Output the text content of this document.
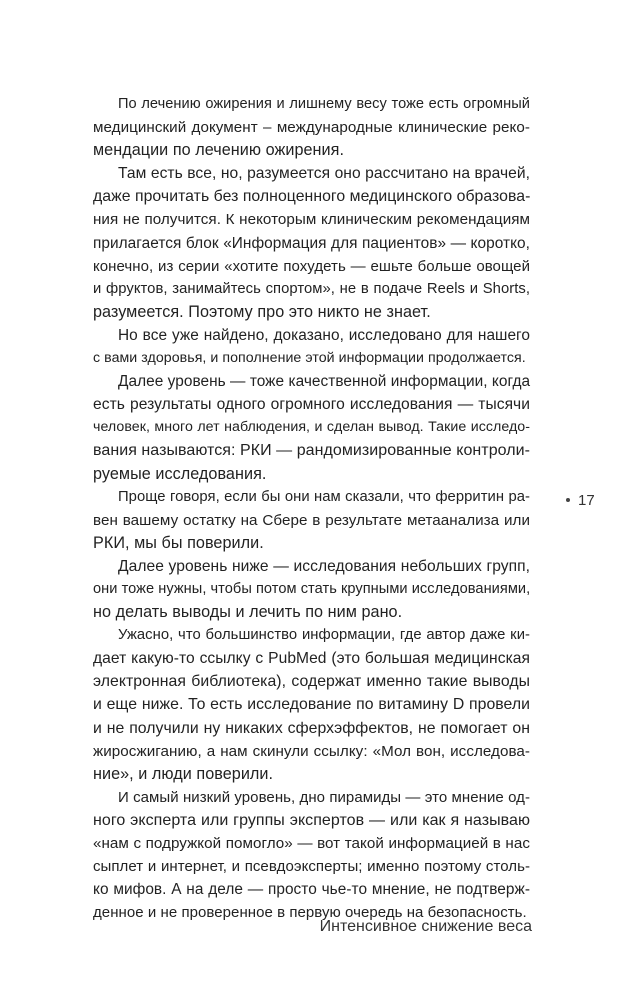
По лечению ожирения и лишнему весу тоже есть огромный
медицинский документ – международные клинические реко-
мендации по лечению ожирения.
Там есть все, но, разумеется оно рассчитано на врачей,
даже прочитать без полноценного медицинского образова-
ния не получится. К некоторым клиническим рекомендациям
прилагается блок «Информация для пациентов» — коротко,
конечно, из серии «хотите похудеть — ешьте больше овощей
и фруктов, занимайтесь спортом», не в подаче Reels и Shorts,
разумеется. Поэтому про это никто не знает.
Но все уже найдено, доказано, исследовано для нашего
с вами здоровья, и пополнение этой информации продолжается.
Далее уровень — тоже качественной информации, когда
есть результаты одного огромного исследования — тысячи
человек, много лет наблюдения, и сделан вывод. Такие исследо-
вания называются: РКИ — рандомизированные контроли-
руемые исследования.
Проще говоря, если бы они нам сказали, что ферритин ра-
вен вашему остатку на Сбере в результате метаанализа или
РКИ, мы бы поверили.
Далее уровень ниже — исследования небольших групп,
они тоже нужны, чтобы потом стать крупными исследованиями,
но делать выводы и лечить по ним рано.
Ужасно, что большинство информации, где автор даже ки-
дает какую-то ссылку с PubMed (это большая медицинская
электронная библиотека), содержат именно такие выводы
и еще ниже. То есть исследование по витамину D провели
и не получили ну никаких сферхэффектов, не помогает он
жиросжиганию, а нам скинули ссылку: «Мол вон, исследова-
ние», и люди поверили.
И самый низкий уровень, дно пирамиды — это мнение од-
ного эксперта или группы экспертов — или как я называю
«нам с подружкой помогло» — вот такой информацией в нас
сыплет и интернет, и псевдоэксперты; именно поэтому столь-
ко мифов. А на деле — просто чье-то мнение, не подтверж-
денное и не проверенное в первую очередь на безопасность.
17
Интенсивное снижение веса
